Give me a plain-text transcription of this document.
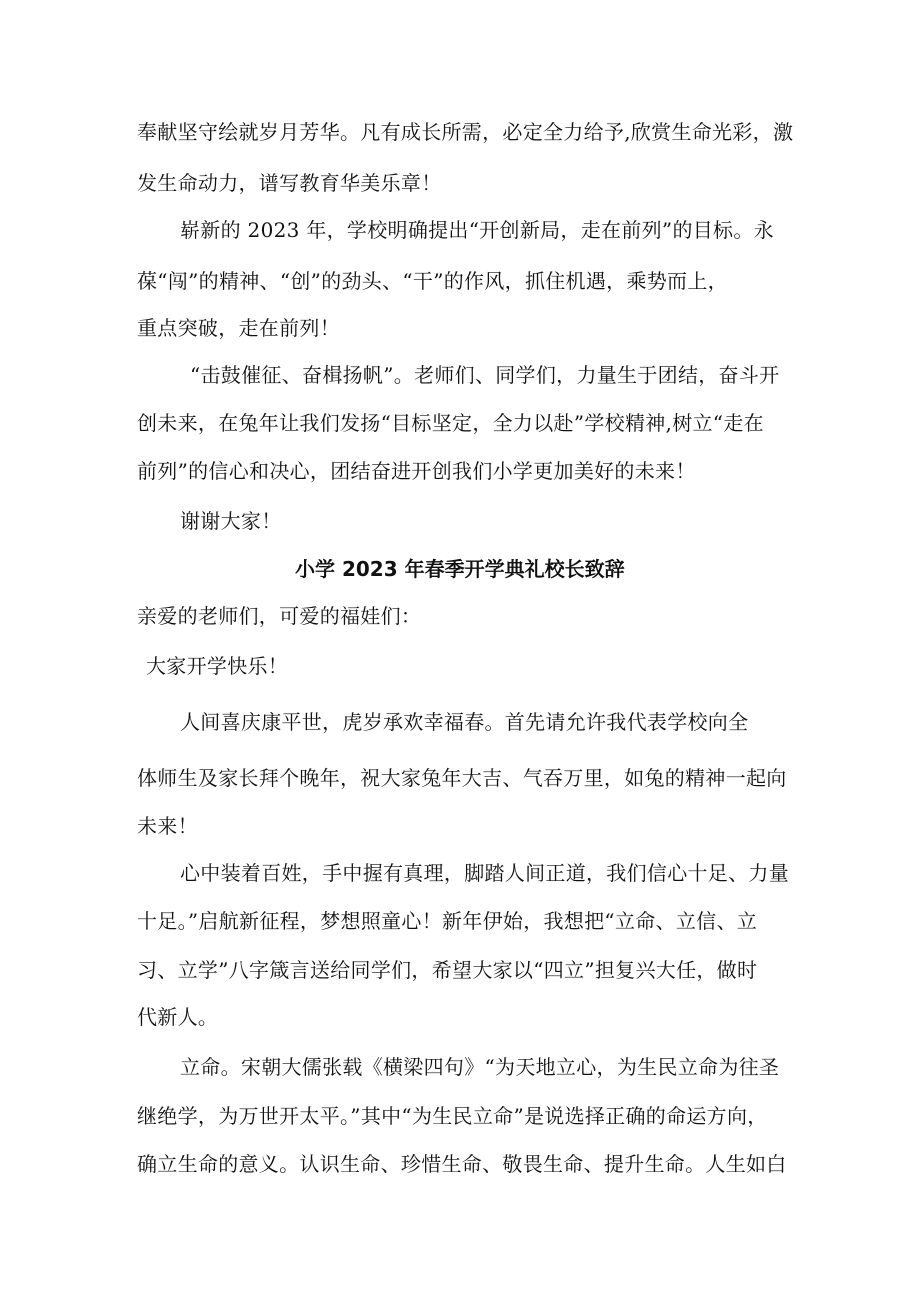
奉献坚守绘就岁月芳华。凡有成长所需，必定全力给予,欣赏生命光彩，激

发生命动力，谱写教育华美乐章！

崭新的 2023 年，学校明确提出“开创新局，走在前列”的目标。永

葆“闯”的精神、“创”的劲头、“干”的作风，抓住机遇，乘势而上，

重点突破，走在前列！

“击鼓催征、奋楫扬帆”。老师们、同学们，力量生于团结，奋斗开

创未来，在兔年让我们发扬“目标坚定，全力以赴”学校精神,树立“走在

前列”的信心和决心，团结奋进开创我们小学更加美好的未来！

谢谢大家！

小学 2023 年春季开学典礼校长致辞

亲爱的老师们，可爱的福娃们：

大家开学快乐！

人间喜庆康平世，虎岁承欢幸福春。首先请允许我代表学校向全

体师生及家长拜个晚年，祝大家兔年大吉、气吞万里，如兔的精神一起向

未来！

心中装着百姓，手中握有真理，脚踏人间正道，我们信心十足、力量

十足。”启航新征程，梦想照童心！新年伊始，我想把“立命、立信、立

习、立学”八字箴言送给同学们，希望大家以“四立”担复兴大任，做时

代新人。

立命。宋朝大儒张载《横梁四句》“为天地立心，为生民立命为往圣

继绝学，为万世开太平。”其中“为生民立命”是说选择正确的命运方向，

确立生命的意义。认识生命、珍惜生命、敬畏生命、提升生命。人生如白
